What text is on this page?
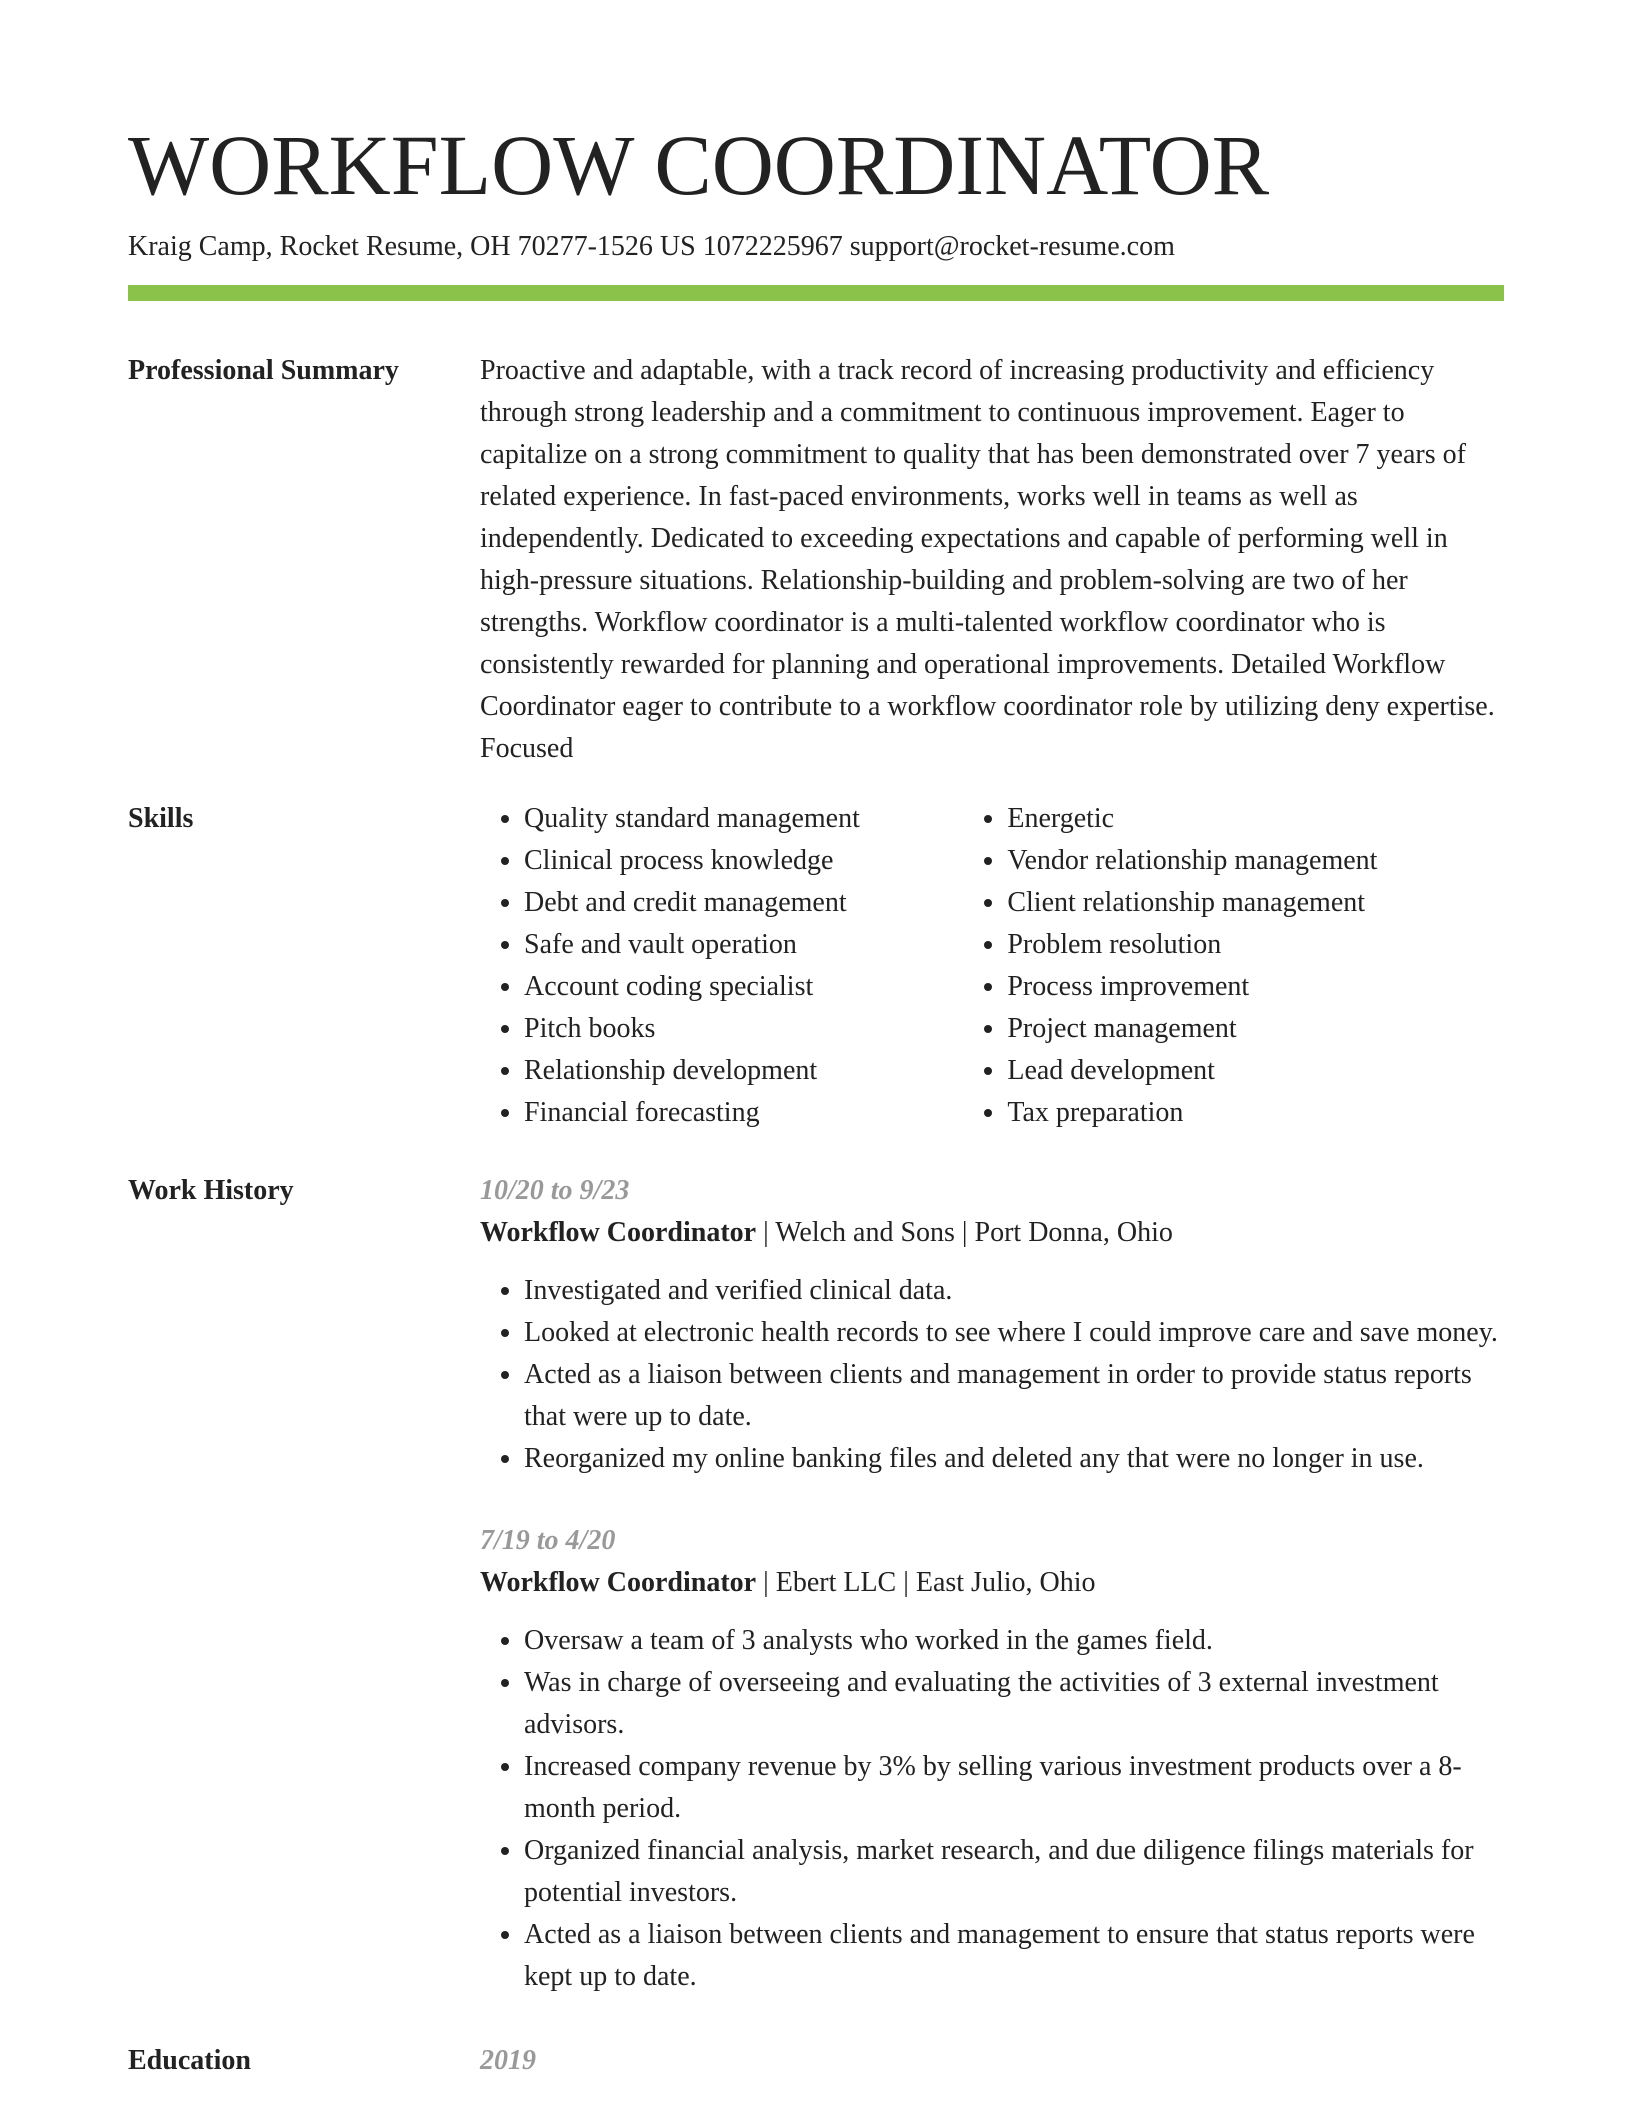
WORKFLOW COORDINATOR
Kraig Camp, Rocket Resume, OH 70277-1526 US 1072225967 support@rocket-resume.com
Professional Summary	Proactive and adaptable, with a track record of increasing productivity and efficiency through strong leadership and a commitment to continuous improvement. Eager to capitalize on a strong commitment to quality that has been demonstrated over 7 years of related experience. In fast-paced environments, works well in teams as well as independently. Dedicated to exceeding expectations and capable of performing well in high-pressure situations. Relationship-building and problem-solving are two of her strengths. Workflow coordinator is a multi-talented workflow coordinator who is consistently rewarded for planning and operational improvements. Detailed Workflow Coordinator eager to contribute to a workflow coordinator role by utilizing deny expertise. Focused

Skills
•	Quality standard management
• Clinical process knowledge
• Debt and credit management
• Safe and vault operation
• Account coding specialist
• Pitch books
• Relationship development
• Financial forecasting
• Energetic
• Vendor relationship management
• Client relationship management
• Problem resolution
• Process improvement
• Project management
• Lead development
• Tax preparation
Work History	10/20 to 9/23
Workflow Coordinator | Welch and Sons | Port Donna, Ohio
• Investigated and verified clinical data.
• Looked at electronic health records to see where I could improve care and save money.
• Acted as a liaison between clients and management in order to provide status reports that were up to date.
• Reorganized my online banking files and deleted any that were no longer in use.
7/19 to 4/20
Workflow Coordinator | Ebert LLC | East Julio, Ohio
• Oversaw a team of 3 analysts who worked in the games field.
• Was in charge of overseeing and evaluating the activities of 3 external investment advisors.
• Increased company revenue by 3% by selling various investment products over a 8-month period.
• Organized financial analysis, market research, and due diligence filings materials for potential investors.
• Acted as a liaison between clients and management to ensure that status reports were kept up to date.
Education	2019
